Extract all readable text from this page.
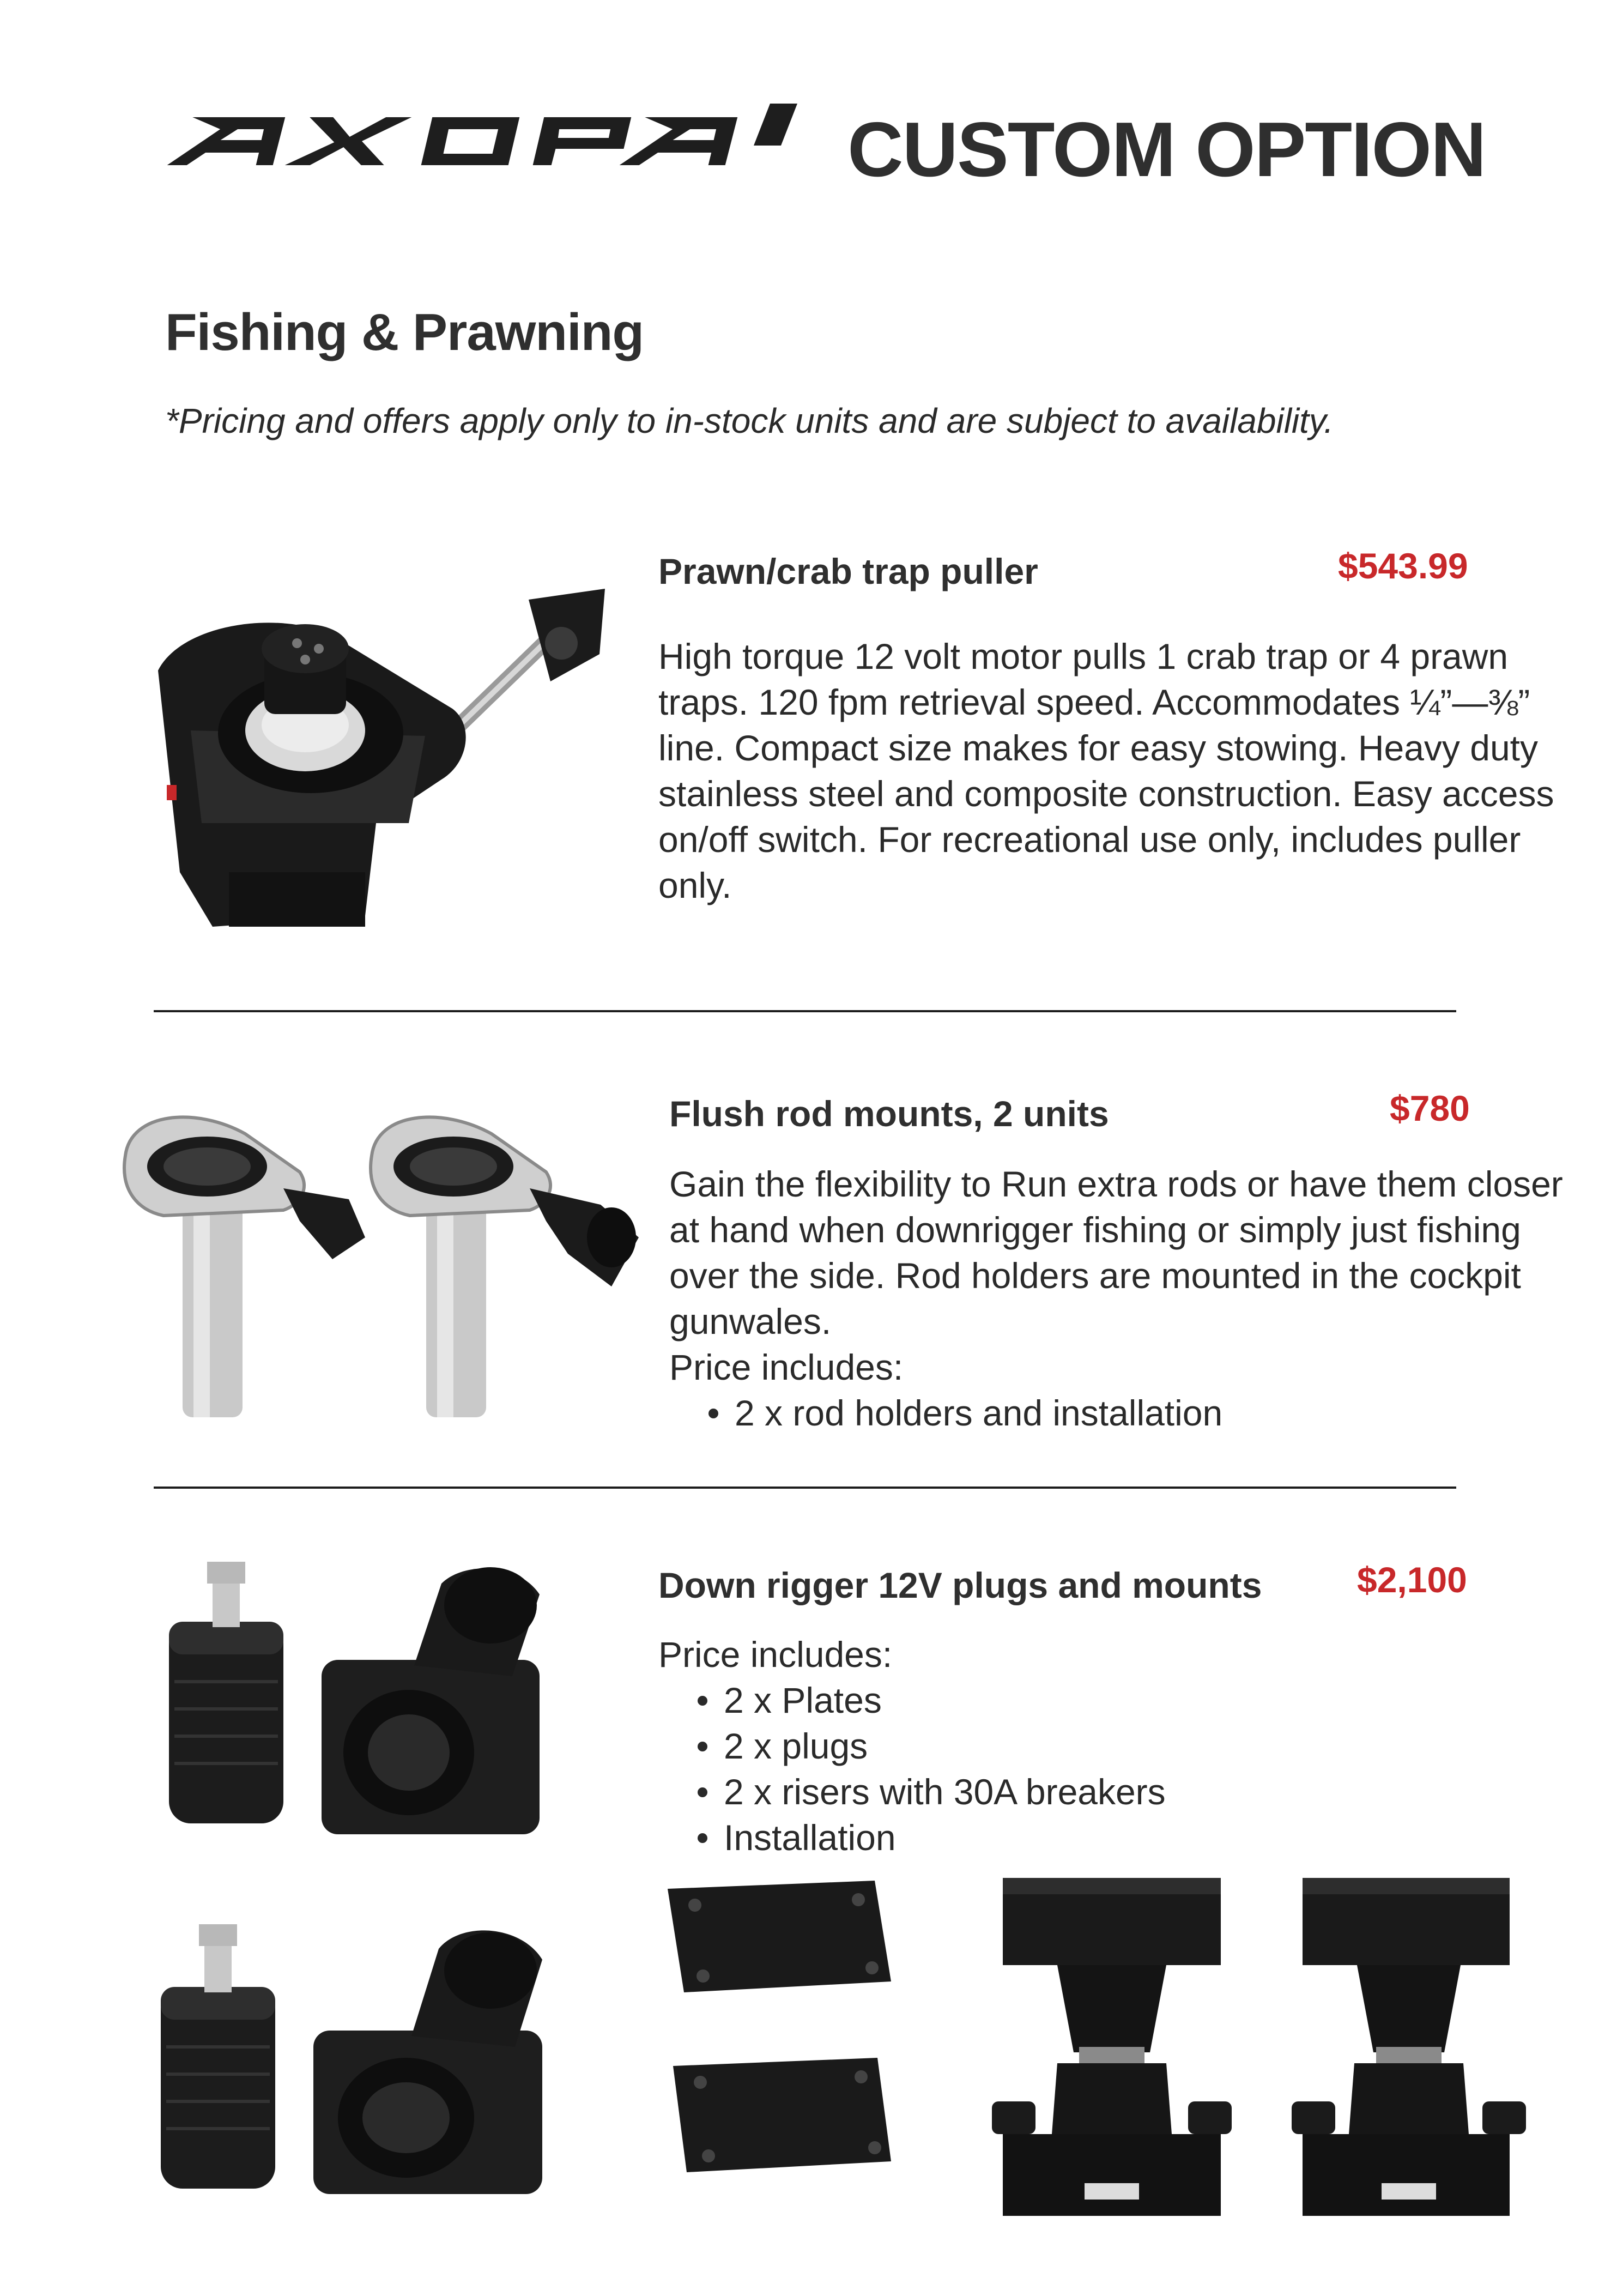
CUSTOM OPTION
Fishing & Prawning
*Pricing and offers apply only to in-stock units and are subject to availability.
Prawn/crab trap puller	$543.99

High torque 12 volt motor pulls 1 crab trap or 4 prawn traps. 120 fpm retrieval speed. Accommodates ¼”—⅜” line. Compact size makes for easy stowing. Heavy duty stainless steel and composite construction. Easy access on/off switch. For recreational use only, includes puller only.

Flush rod mounts, 2 units	$780

Gain the flexibility to Run extra rods or have them closer at hand when downrigger fishing or simply just fishing over the side. Rod holders are mounted in the cockpit gunwales.

Price includes:

2 x rod holders and installation
Down rigger 12V plugs and mounts	$2,100

Price includes:

2 x Plates
2 x plugs
2 x risers with 30A breakers
Installation
